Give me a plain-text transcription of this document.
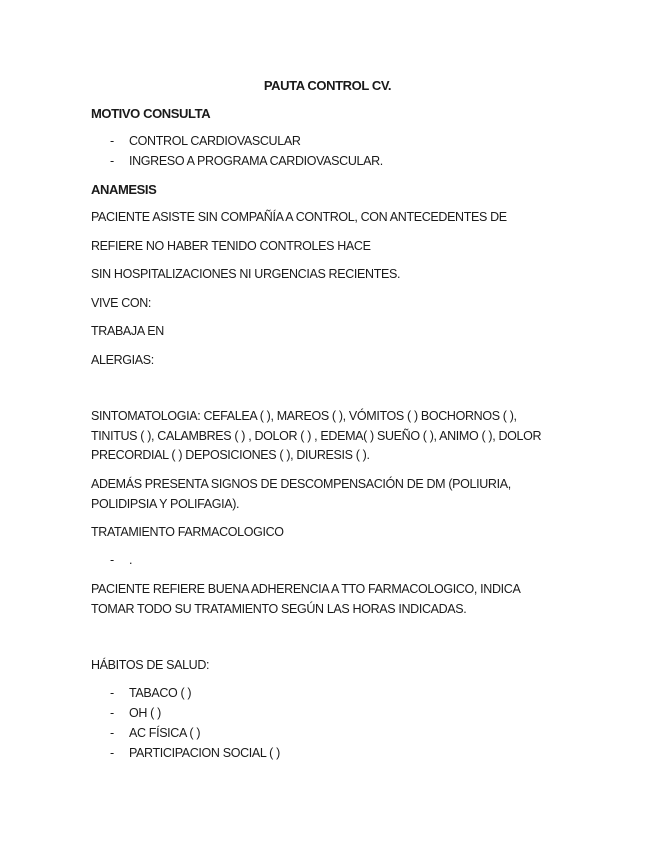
PAUTA CONTROL CV.
MOTIVO CONSULTA
- CONTROL CARDIOVASCULAR
- INGRESO A PROGRAMA CARDIOVASCULAR.
ANAMESIS
PACIENTE ASISTE SIN COMPAÑÍA A CONTROL, CON ANTECEDENTES DE
REFIERE NO HABER TENIDO CONTROLES HACE
SIN HOSPITALIZACIONES NI URGENCIAS RECIENTES.
VIVE CON:
TRABAJA EN
ALERGIAS:
SINTOMATOLOGIA: CEFALEA ( ), MAREOS ( ), VÓMITOS ( ) BOCHORNOS ( ), TINITUS ( ), CALAMBRES ( ) , DOLOR ( ) , EDEMA( ) SUEÑO ( ), ANIMO ( ), DOLOR PRECORDIAL ( ) DEPOSICIONES ( ), DIURESIS ( ).
ADEMÁS PRESENTA SIGNOS DE DESCOMPENSACIÓN DE DM (POLIURIA, POLIDIPSIA Y POLIFAGIA).
TRATAMIENTO FARMACOLOGICO
- .
PACIENTE REFIERE BUENA ADHERENCIA A TTO FARMACOLOGICO, INDICA TOMAR TODO SU TRATAMIENTO SEGÚN LAS HORAS INDICADAS.
HÁBITOS DE SALUD:
- TABACO ( )
- OH ( )
- AC FÍSICA ( )
- PARTICIPACION SOCIAL ( )
